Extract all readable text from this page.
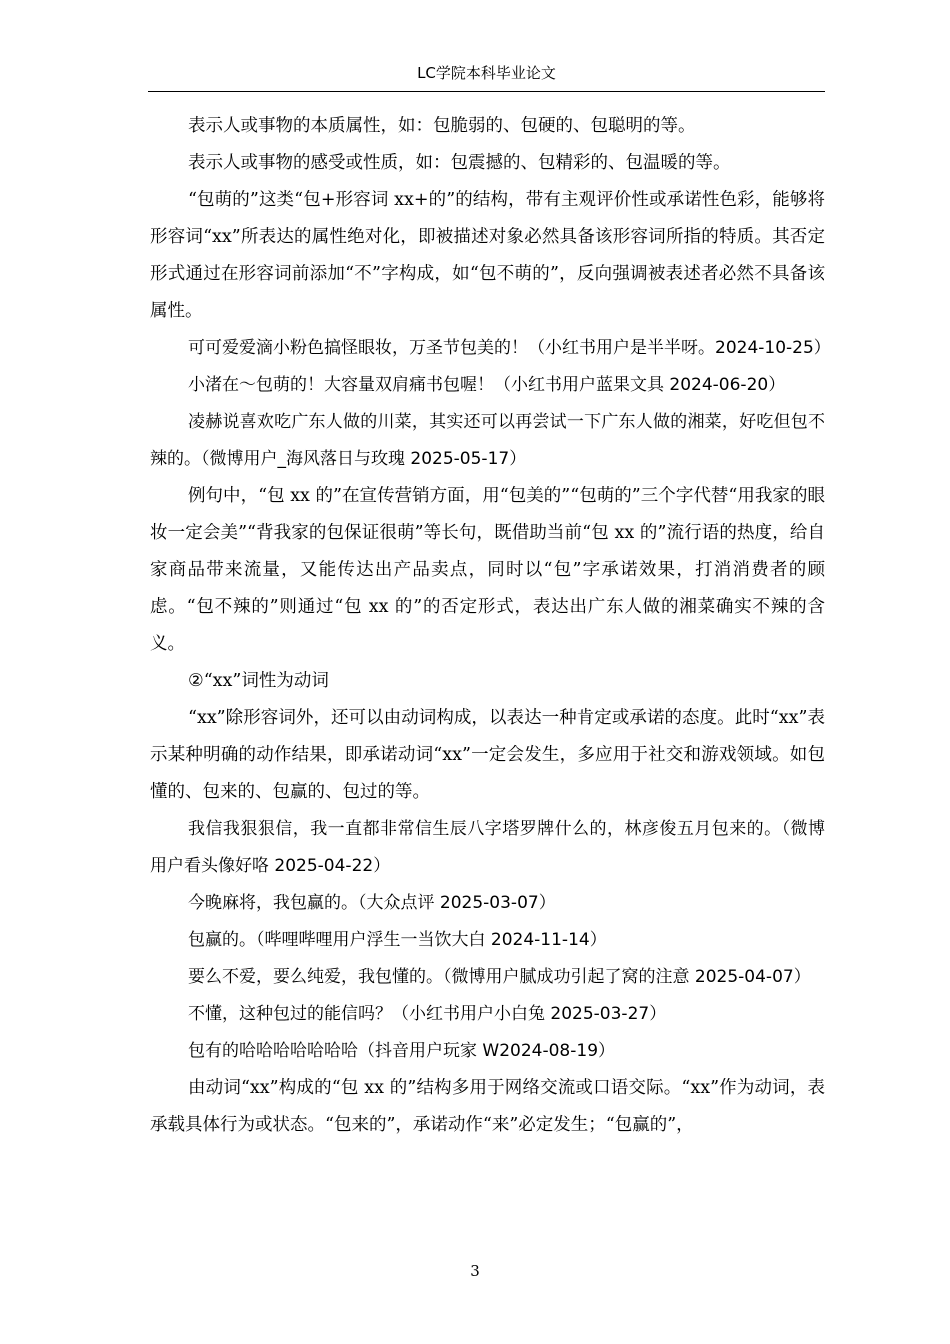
LC学院本科毕业论文

表示人或事物的本质属性，如：包脆弱的、包硬的、包聪明的等。

表示人或事物的感受或性质，如：包震撼的、包精彩的、包温暖的等。

“包萌的”这类“包+形容词 xx+的”的结构，带有主观评价性或承诺性色彩，能够将形容词“xx”所表达的属性绝对化，即被描述对象必然具备该形容词所指的特质。其否定形式通过在形容词前添加“不”字构成，如“包不萌的”，反向强调被表述者必然不具备该属性。

可可爱爱滴小粉色搞怪眼妆，万圣节包美的！（小红书用户是半半呀。2024-10-25）

小渚在～包萌的！大容量双肩痛书包喔！（小红书用户蓝果文具 2024-06-20）

凌赫说喜欢吃广东人做的川菜，其实还可以再尝试一下广东人做的湘菜，好吃但包不辣的。（微博用户_海风落日与玫瑰 2025-05-17）

例句中，“包 xx 的”在宣传营销方面，用“包美的”“包萌的”三个字代替“用我家的眼妆一定会美”“背我家的包保证很萌”等长句，既借助当前“包 xx 的”流行语的热度，给自家商品带来流量，又能传达出产品卖点，同时以“包”字承诺效果，打消消费者的顾虑。“包不辣的”则通过“包 xx 的”的否定形式，表达出广东人做的湘菜确实不辣的含义。

②“xx”词性为动词

“xx”除形容词外，还可以由动词构成，以表达一种肯定或承诺的态度。此时“xx”表示某种明确的动作结果，即承诺动词“xx”一定会发生，多应用于社交和游戏领域。如包懂的、包来的、包赢的、包过的等。

我信我狠狠信，我一直都非常信生辰八字塔罗牌什么的，林彦俊五月包来的。（微博用户看头像好咯 2025-04-22）

今晚麻将，我包赢的。（大众点评 2025-03-07）

包赢的。（哔哩哔哩用户浮生一当饮大白 2024-11-14）

要么不爱，要么纯爱，我包懂的。（微博用户腻成功引起了窝的注意 2025-04-07）

不懂，这种包过的能信吗？（小红书用户小白兔 2025-03-27）

包有的哈哈哈哈哈哈哈（抖音用户玩家 W2024-08-19）

由动词“xx”构成的“包 xx 的”结构多用于网络交流或口语交际。“xx”作为动词，表承载具体行为或状态。“包来的”，承诺动作“来”必定发生；“包赢的”，

3
